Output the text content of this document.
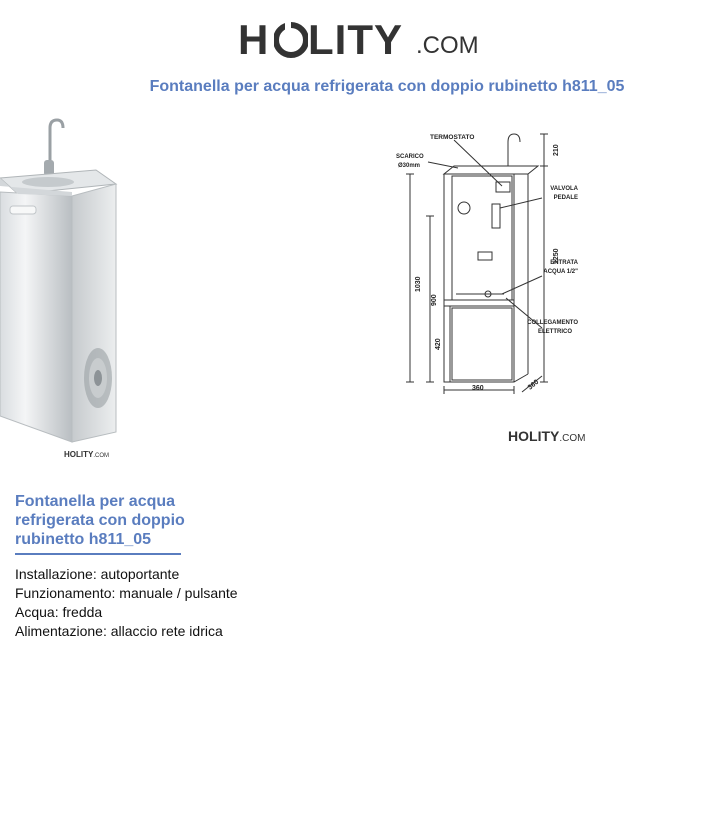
H LITY .COM
Fontanella per acqua refrigerata con doppio rubinetto h811_05
HOLITY.COM
TERMOSTATO
SCARICO
Ø30mm
VALVOLA
PEDALE
ENTRATA
ACQUA 1/2"
COLLEGAMENTO
ELETTRICO
210
1250
1030
900
420
360	360
HOLITY.COM
Fontanella per acqua refrigerata con doppio rubinetto h811_05
Installazione: autoportante
Funzionamento: manuale / pulsante
Acqua: fredda
Alimentazione: allaccio rete idrica
